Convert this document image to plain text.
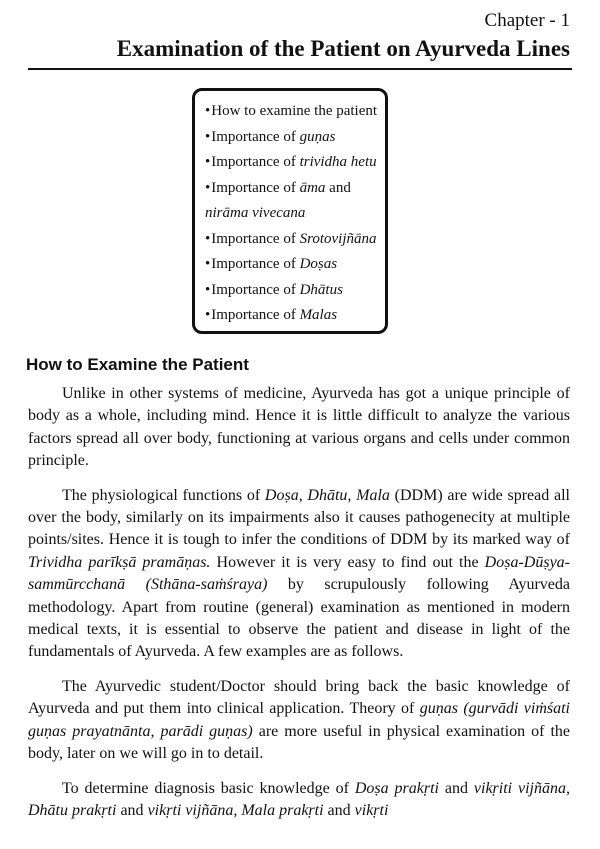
Chapter - 1
Examination of the Patient on Ayurveda Lines
•How to examine the patient
•Importance of guṇas
•Importance of trividha hetu
•Importance of āma and
nirāma vivecana
•Importance of Srotovijñāna
•Importance of Doṣas
•Importance of Dhātus
•Importance of Malas
How to Examine the Patient

Unlike in other systems of medicine, Ayurveda has got a unique principle of body as a whole, including mind. Hence it is little difficult to analyze the various factors spread all over body, functioning at various organs and cells under common principle.

The physiological functions of Doṣa, Dhātu, Mala (DDM) are wide spread all over the body, similarly on its impairments also it causes pathogenecity at multiple points/sites. Hence it is tough to infer the conditions of DDM by its marked way of Trividha parīkṣā pramāṇas. However it is very easy to find out the Doṣa-Dūṣya-sammūrcchanā (Sthāna-saṁśraya) by scrupulously following Ayurveda methodology. Apart from routine (general) examination as mentioned in modern medical texts, it is essential to observe the patient and disease in light of the fundamentals of Ayurveda. A few examples are as follows.

The Ayurvedic student/Doctor should bring back the basic knowledge of Ayurveda and put them into clinical application. Theory of guṇas (gurvādi viṁśati guṇas prayatnānta, parādi guṇas) are more useful in physical examination of the body, later on we will go in to detail.

To determine diagnosis basic knowledge of Doṣa prakṛti and vikṛiti vijñāna, Dhātu prakṛti and vikṛti vijñāna, Mala prakṛti and vikṛti
